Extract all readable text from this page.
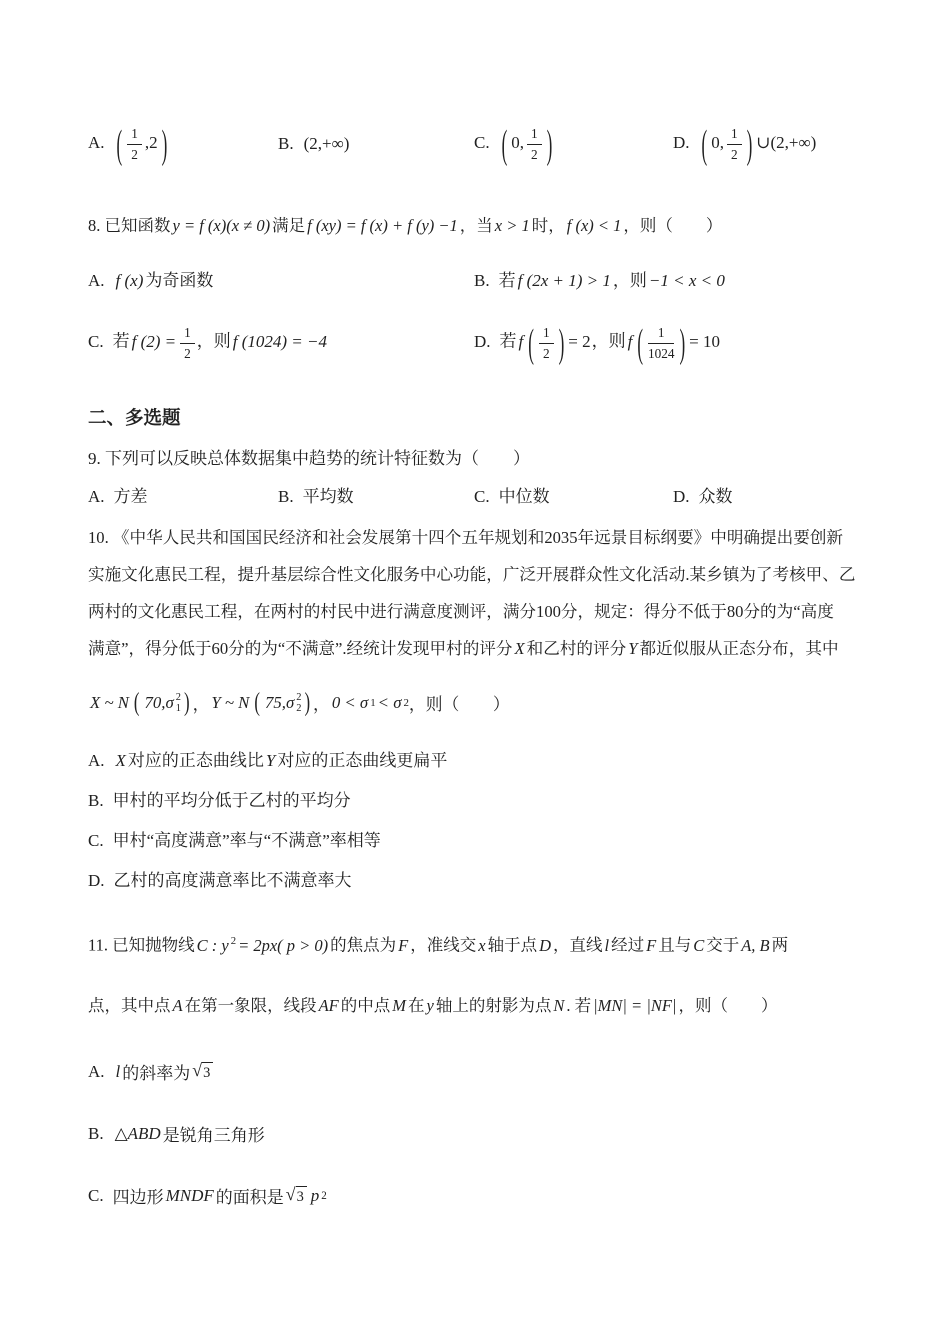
A. ( $\frac{1}{2} ,2$ )	B. (2,+∞)	C. ( 0, $\frac{1}{2}$ )	D. ( 0, $\frac{1}{2}$ ) ∪(2,+∞)
8. 已知函数 y = f (x)(x ≠ 0) 满足 f (xy) = f (x) + f (y) −1 ，当 x > 1 时， f (x) < 1 ，则（　　）
A. f (x) 为奇函数	B. 若 f (2x + 1) > 1 ，则 −1 < x < 0
C. 若 f $(2) = \frac{1}{2}$ ，则 f (1024) = −4	D. 若 f ( $\frac{1}{2}$ ) = 2，则 f ( $\frac{1}{1024}$ ) = 10
二、多选题
9. 下列可以反映总体数据集中趋势的统计特征数为（　　）
A. 方差	B. 平均数	C. 中位数	D. 众数
10. 《中华人民共和国国民经济和社会发展第十四个五年规划和2035年远景目标纲要》中明确提出要创新
实施文化惠民工程，提升基层综合性文化服务中心功能，广泛开展群众性文化活动.某乡镇为了考核甲、乙
两村的文化惠民工程，在两村的村民中进行满意度测评，满分100分，规定：得分不低于80分的为“高度
满意”，得分低于60分的为“不满意”.经统计发现甲村的评分 X 和乙村的评分 Y 都近似服从正态分布，其中
X ~ N ( 70,σ 2
1 ) ， Y ~ N ( 75,σ 2
2 ) ， 0 < σ 1 < σ 2 ，则（　　）
A. X 对应的正态曲线比 Y 对应的正态曲线更扁平
B. 甲村的平均分低于乙村的平均分
C. 甲村“高度满意”率与“不满意”率相等
D. 乙村的高度满意率比不满意率大
11. 已知抛物线 C : y $^2$ = 2px( p > 0) 的焦点为 F ，准线交 x 轴于点 D ，直线 l 经过 F 且与 C 交于 A, B 两
点，其中点 A 在第一象限，线段 AF 的中点 M 在 y 轴上的射影为点 N . 若 |MN| = |NF| ，则（　　）
A. l 的斜率为 √ 3
B. △ABD 是锐角三角形
C. 四边形 MNDF 的面积是 √ 3 p 2
